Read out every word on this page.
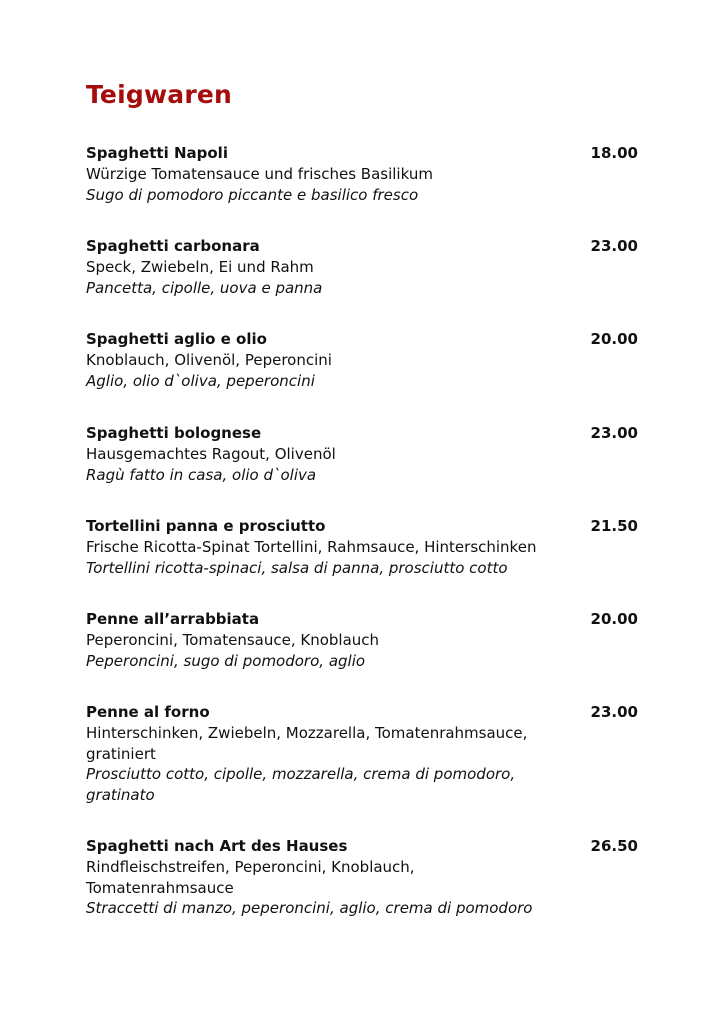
Teigwaren
Spaghetti Napoli	18.00
Würzige Tomatensauce und frisches Basilikum
Sugo di pomodoro piccante e basilico fresco
Spaghetti carbonara	23.00
Speck, Zwiebeln, Ei und Rahm
Pancetta, cipolle, uova e panna
Spaghetti aglio e olio	20.00
Knoblauch, Olivenöl, Peperoncini
Aglio, olio d`oliva, peperoncini
Spaghetti bolognese	23.00
Hausgemachtes Ragout, Olivenöl
Ragù fatto in casa, olio d`oliva
Tortellini panna e prosciutto	21.50
Frische Ricotta-Spinat Tortellini, Rahmsauce, Hinterschinken
Tortellini ricotta-spinaci, salsa di panna, prosciutto cotto
Penne all’arrabbiata	20.00
Peperoncini, Tomatensauce, Knoblauch
Peperoncini, sugo di pomodoro, aglio
Penne al forno	23.00
Hinterschinken, Zwiebeln, Mozzarella, Tomatenrahmsauce, gratiniert
Prosciutto cotto, cipolle, mozzarella, crema di pomodoro, gratinato
Spaghetti nach Art des Hauses	26.50
Rindfleischstreifen, Peperoncini, Knoblauch, Tomatenrahmsauce
Straccetti di manzo, peperoncini, aglio, crema di pomodoro
